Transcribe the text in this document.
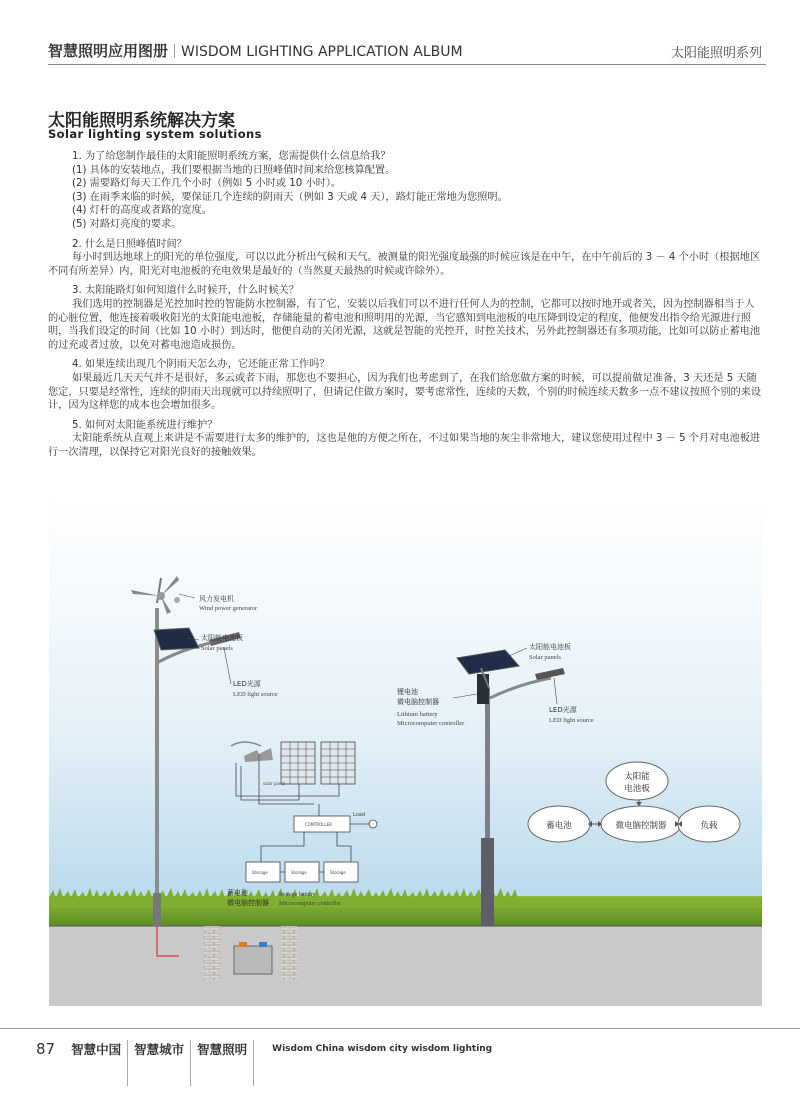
智慧照明应用图册 WISDOM LIGHTING APPLICATION ALBUM	太阳能照明系列
太阳能照明系统解决方案
Solar lighting system solutions

1. 为了给您制作最佳的太阳能照明系统方案，您需提供什么信息给我？

(1) 具体的安装地点，我们要根据当地的日照峰值时间来给您核算配置。

(2) 需要路灯每天工作几个小时（例如 5 小时或 10 小时）。

(3) 在雨季来临的时候，要保证几个连续的阴雨天（例如 3 天或 4 天），路灯能正常地为您照明。

(4) 灯杆的高度或者路的宽度。

(5) 对路灯亮度的要求。

2. 什么是日照峰值时间？

每小时到达地球上的阳光的单位强度，可以以此分析出气候和天气。被测量的阳光强度最强的时候应该是在中午，在中午前后的 3 － 4 个小时（根据地区不同有所差异）内，阳光对电池板的充电效果是最好的（当然夏天最热的时候或许除外）。

3. 太阳能路灯如何知道什么时候开，什么时候关？

我们选用的控制器是光控加时控的智能防水控制器，有了它，安装以后我们可以不进行任何人为的控制，它都可以按时地开或者关，因为控制器相当于人的心脏位置，他连接着吸收阳光的太阳能电池板，存储能量的蓄电池和照明用的光源，当它感知到电池板的电压降到设定的程度，他便发出指令给光源进行照明，当我们设定的时间（比如 10 小时）到达时，他便自动的关闭光源，这就是智能的光控开，时控关技术，另外此控制器还有多项功能，比如可以防止蓄电池的过充或者过放，以免对蓄电池造成损伤。

4. 如果连续出现几个阴雨天怎么办，它还能正常工作吗？

如果最近几天天气并不是很好，多云或者下雨，那您也不要担心，因为我们也考虑到了，在我们给您做方案的时候，可以提前做足准备，3 天还是 5 天随您定，只要是经常性，连续的阴雨天出现就可以持续照明了，但请记住做方案时，要考虑常性，连续的天数，个别的时候连续天数多一点不建议按照个别的来设计，因为这样您的成本也会增加很多。

5. 如何对太阳能系统进行维护？

太阳能系统从直观上来讲是不需要进行太多的维护的，这也是他的方便之所在，不过如果当地的灰尘非常地大，建议您使用过程中 3 － 5 个月对电池板进行一次清理，以保持它对阳光良好的接触效果。

风力发电机
Wind power generator
太阳能电池板
Solar panels
LED光源
LED light source
solar panel
CONTROLLER
Load
Storage	Storage	Storage
蓄电池
微电脑控制器
Storage battery
Microcomputer controller
太阳能电池板
Solar panels
LED光源
LED light source
锂电池
微电脑控制器
Lithium battery
Microcomputer controller
太阳能
电池板
蓄电池	微电脑控制器	负载
87	智慧中国	智慧城市	智慧照明	Wisdom China wisdom city wisdom lighting
